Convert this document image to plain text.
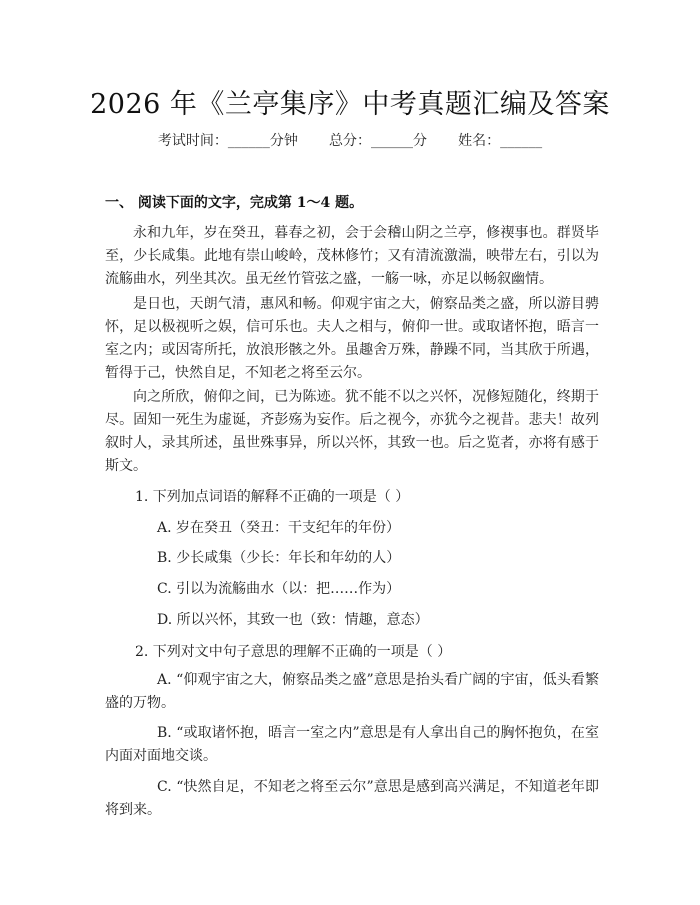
2026 年《兰亭集序》中考真题汇编及答案
考试时间：______分钟 总分：______分 姓名：______
一、 阅读下面的文字，完成第 1～4 题。

永和九年，岁在癸丑，暮春之初，会于会稽山阴之兰亭，修禊事也。群贤毕至，少长咸集。此地有崇山峻岭，茂林修竹；又有清流激湍，映带左右，引以为流觞曲水，列坐其次。虽无丝竹管弦之盛，一觞一咏，亦足以畅叙幽情。

是日也，天朗气清，惠风和畅。仰观宇宙之大，俯察品类之盛，所以游目骋怀，足以极视听之娱，信可乐也。夫人之相与，俯仰一世。或取诸怀抱，晤言一室之内；或因寄所托，放浪形骸之外。虽趣舍万殊，静躁不同，当其欣于所遇，暂得于己，快然自足，不知老之将至云尔。

向之所欣，俯仰之间，已为陈迹。犹不能不以之兴怀，况修短随化，终期于尽。固知一死生为虚诞，齐彭殇为妄作。后之视今，亦犹今之视昔。悲夫！故列叙时人，录其所述，虽世殊事异，所以兴怀，其致一也。后之览者，亦将有感于斯文。

1. 下列加点词语的解释不正确的一项是（ ）
A. 岁在癸丑（癸丑：干支纪年的年份）
B. 少长咸集（少长：年长和年幼的人）
C. 引以为流觞曲水（以：把……作为）
D. 所以兴怀，其致一也（致：情趣，意态）
2. 下列对文中句子意思的理解不正确的一项是（ ）

A. “仰观宇宙之大，俯察品类之盛”意思是抬头看广阔的宇宙，低头看繁盛的万物。

B. “或取诸怀抱，晤言一室之内”意思是有人拿出自己的胸怀抱负，在室内面对面地交谈。

C. “快然自足，不知老之将至云尔”意思是感到高兴满足，不知道老年即将到来。
